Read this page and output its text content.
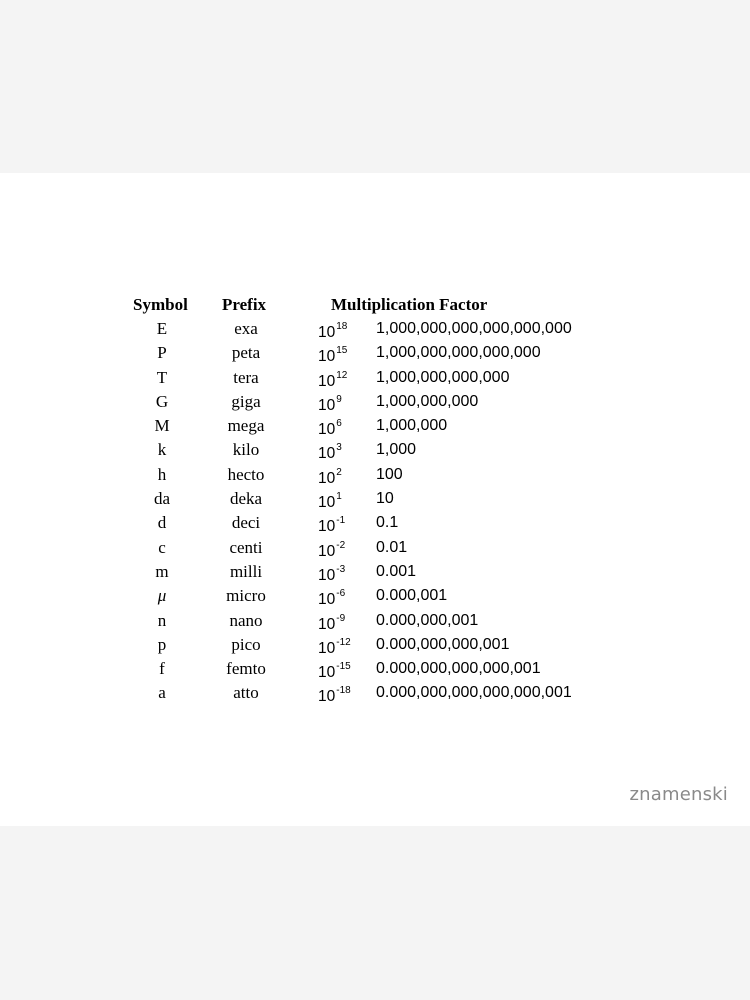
Symbol Prefix	Multiplication Factor
E	exa	$10^{18}$ 1,000,000,000,000,000,000
P	peta	$10^{15}$ 1,000,000,000,000,000
T	tera	$10^{12}$ 1,000,000,000,000
G	giga	$10^9$ 1,000,000,000
M	mega	$10^6$ 1,000,000
k	kilo	$10^3$ 1,000
h	hecto	$10^2$ 100
da	deka	$10^1$ 10
d	deci	$10^{-1}$ 0.1
c	centi	$10^{-2}$ 0.01
m	milli	$10^{-3}$ 0.001
μ	micro	$10^{-6}$ 0.000,001
n	nano	$10^{-9}$ 0.000,000,001
p	pico	$10^{-12}$ 0.000,000,000,001
f	femto	$10^{-15}$ 0.000,000,000,000,001
a	atto	$10^{-18}$ 0.000,000,000,000,000,001
znamenski
